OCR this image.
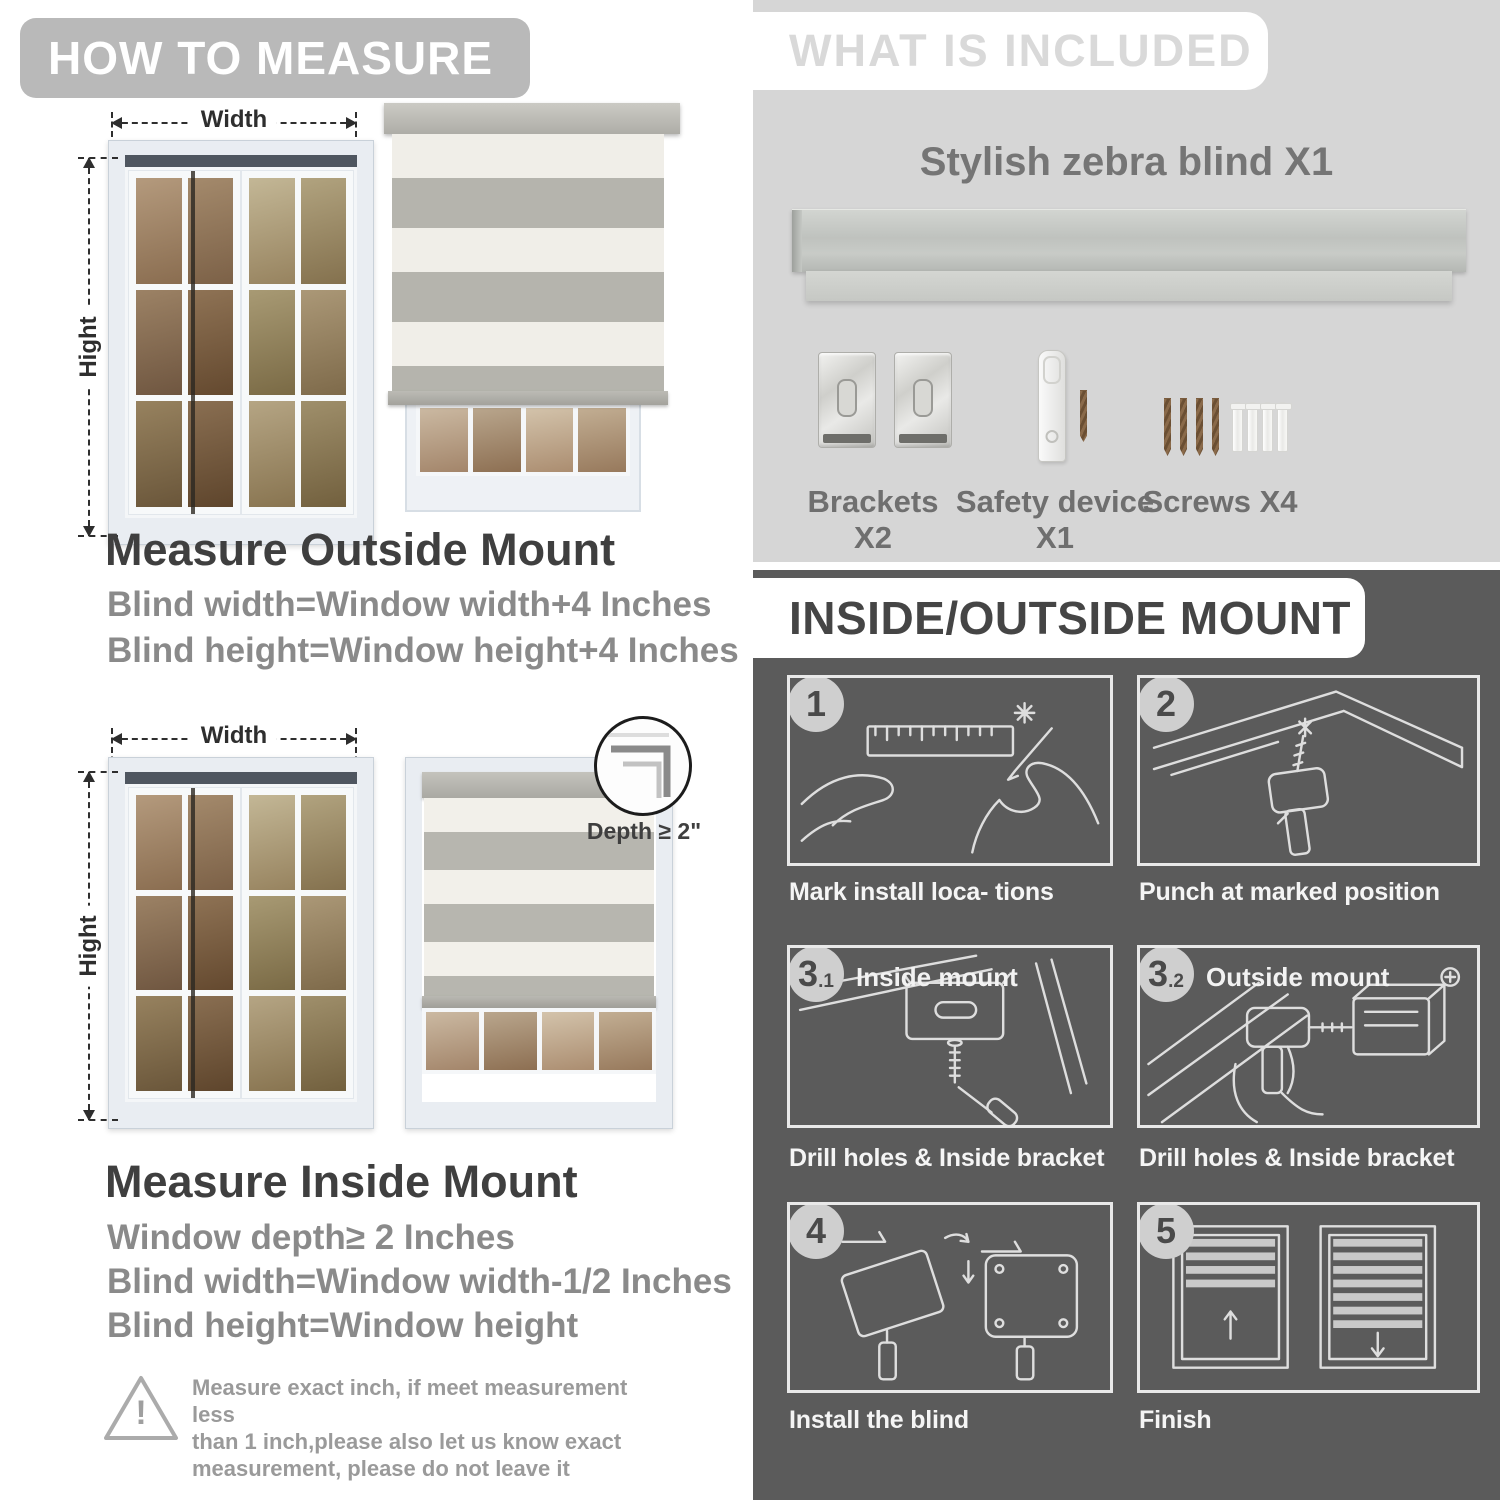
HOW TO MEASURE
Width
Hight
Measure Outside Mount
Blind width=Window width+4 Inches
Blind height=Window height+4 Inches
Width
Hight
Depth ≥ 2"
Measure Inside Mount
Window depth≥ 2 Inches
Blind width=Window width-1/2 Inches
Blind height=Window height
!
Measure exact inch, if meet measurement less
than 1 inch,please also let us know exact
measurement, please do not leave it
WHAT IS INCLUDED
Stylish zebra blind X1
Brackets X2
Safety device X1
Screws X4
INSIDE/OUTSIDE MOUNT
1
Mark install loca- tions
2
Punch at marked position
3 .1 Inside mount
Drill holes & Inside bracket
3 .2 Outside mount
Drill holes & Inside bracket
4
Install the blind
5
Finish
